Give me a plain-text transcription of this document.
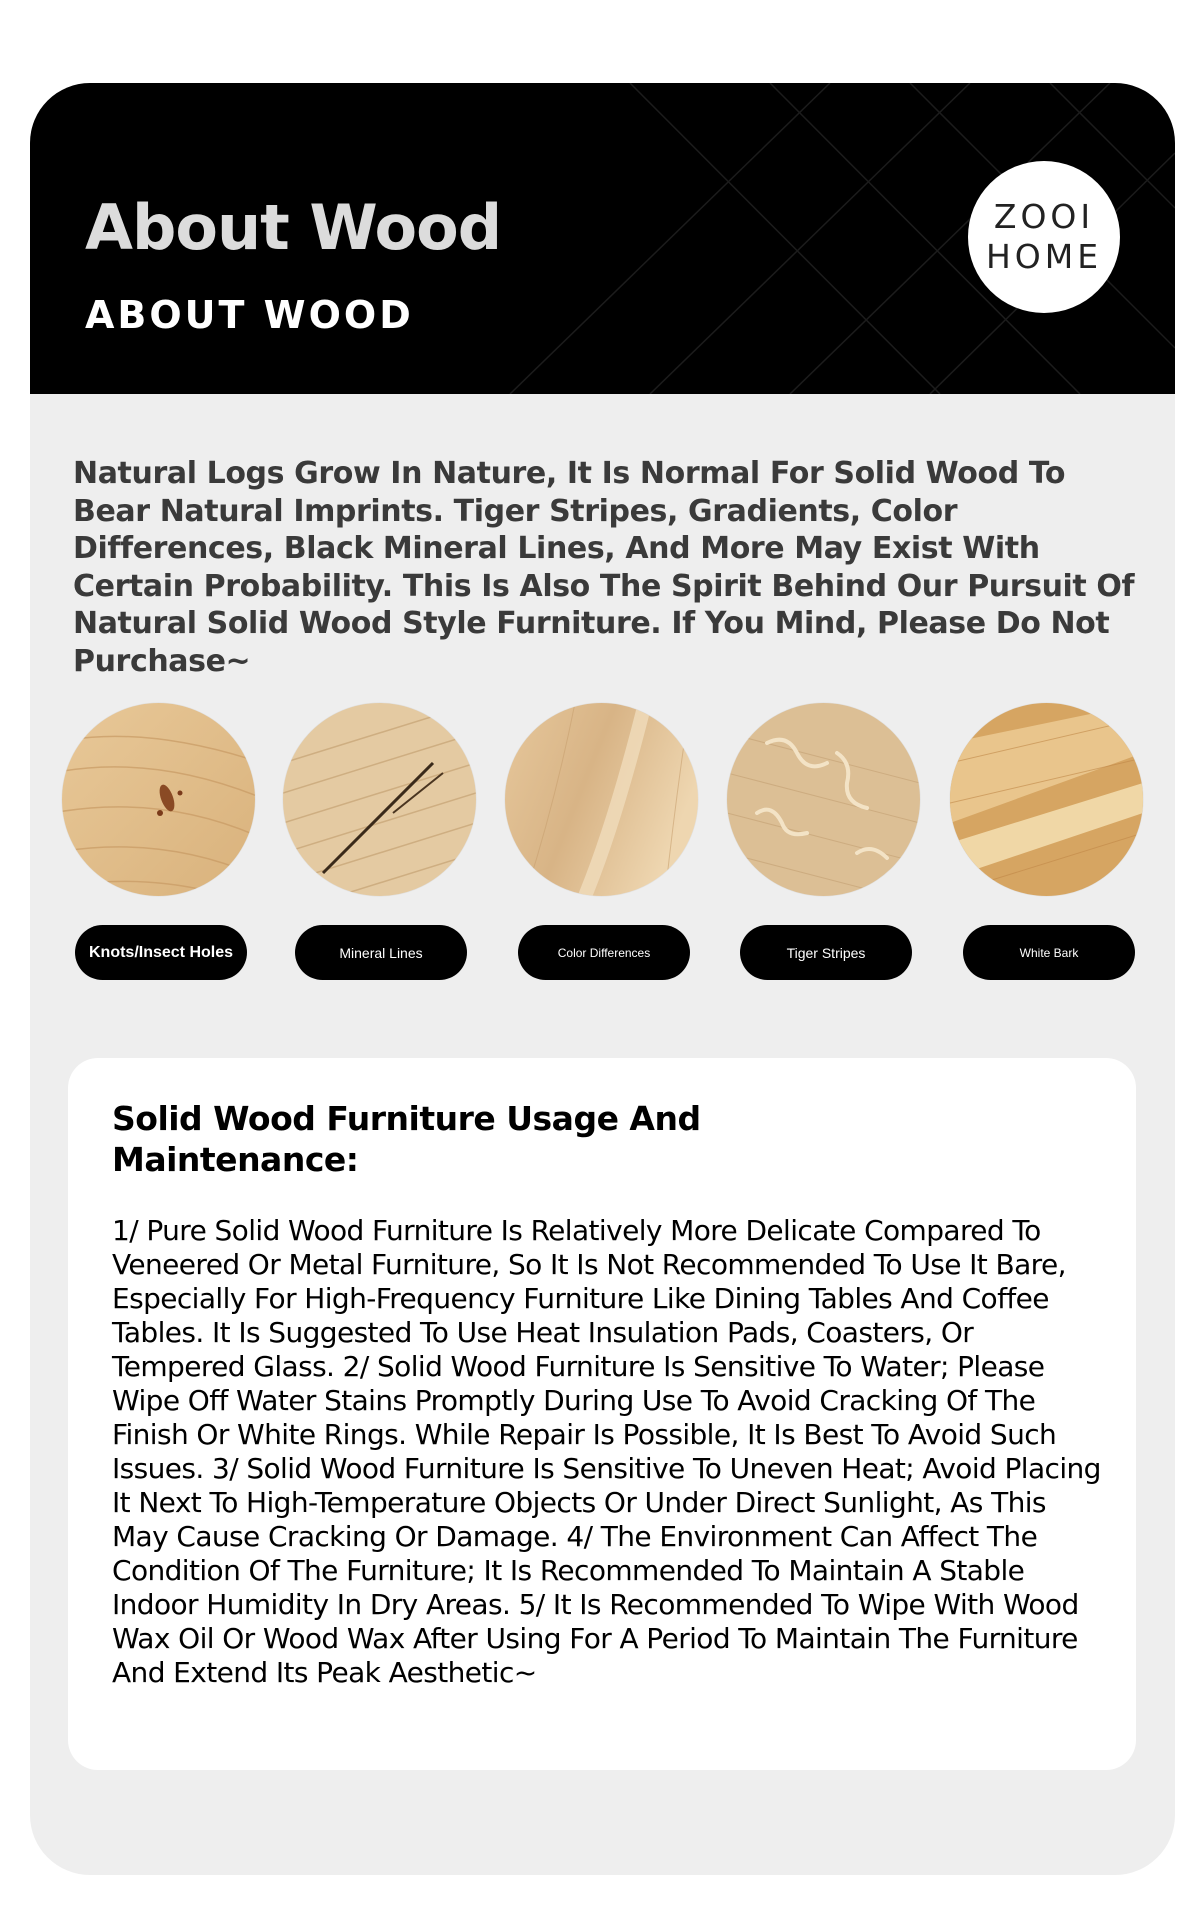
About Wood
ABOUT WOOD
ZOOI
HOME

Natural Logs Grow In Nature, It Is Normal For Solid Wood To Bear Natural Imprints. Tiger Stripes, Gradients, Color Differences, Black Mineral Lines, And More May Exist With Certain Probability. This Is Also The Spirit Behind Our Pursuit Of Natural Solid Wood Style Furniture. If You Mind, Please Do Not Purchase~

Knots/Insect Holes	Mineral Lines	Color Differences	Tiger Stripes	White Bark
Solid Wood Furniture Usage And Maintenance:

1/ Pure Solid Wood Furniture Is Relatively More Delicate Compared To Veneered Or Metal Furniture, So It Is Not Recommended To Use It Bare, Especially For High-Frequency Furniture Like Dining Tables And Coffee Tables. It Is Suggested To Use Heat Insulation Pads, Coasters, Or Tempered Glass. 2/ Solid Wood Furniture Is Sensitive To Water; Please Wipe Off Water Stains Promptly During Use To Avoid Cracking Of The Finish Or White Rings. While Repair Is Possible, It Is Best To Avoid Such Issues. 3/ Solid Wood Furniture Is Sensitive To Uneven Heat; Avoid Placing It Next To High-Temperature Objects Or Under Direct Sunlight, As This May Cause Cracking Or Damage. 4/ The Environment Can Affect The Condition Of The Furniture; It Is Recommended To Maintain A Stable Indoor Humidity In Dry Areas. 5/ It Is Recommended To Wipe With Wood Wax Oil Or Wood Wax After Using For A Period To Maintain The Furniture And Extend Its Peak Aesthetic~
